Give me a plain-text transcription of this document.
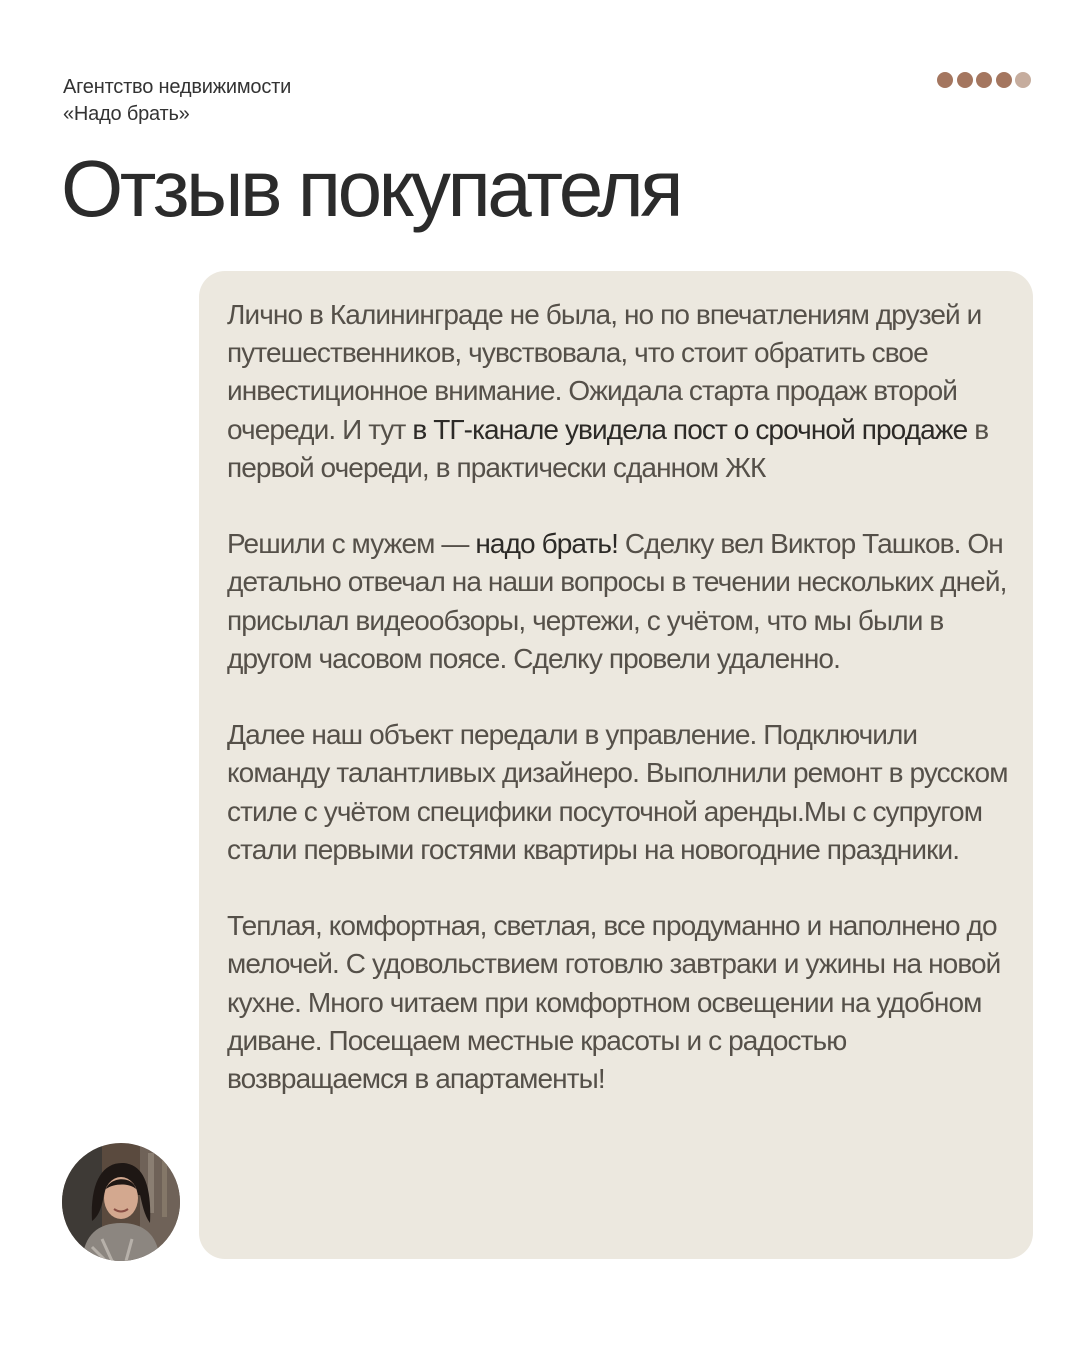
Агентство недвижимости
«Надо брать»
Отзыв покупателя

Лично в Калининграде не была, но по впечатлениям друзей и путешественников, чувствовала, что стоит обратить свое инвестиционное внимание. Ожидала старта продаж второй очереди. И тут в ТГ-канале увидела пост о срочной продаже в первой очереди, в практически сданном ЖК

Решили с мужем — надо брать! Сделку вел Виктор Ташков. Он детально отвечал на наши вопросы в течении нескольких дней, присылал видеообзоры, чертежи, с учётом, что мы были в другом часовом поясе. Сделку провели удаленно.

Далее наш объект передали в управление. Подключили команду талантливых дизайнеро. Выполнили ремонт в русском стиле с учётом специфики посуточной аренды.Мы с супругом стали первыми гостями квартиры на новогодние праздники.

Теплая, комфортная, светлая, все продуманно и наполнено до мелочей. С удовольствием готовлю завтраки и ужины на новой кухне. Много читаем при комфортном освещении на удобном диване. Посещаем местные красоты и с радостью возвращаемся в апартаменты!
